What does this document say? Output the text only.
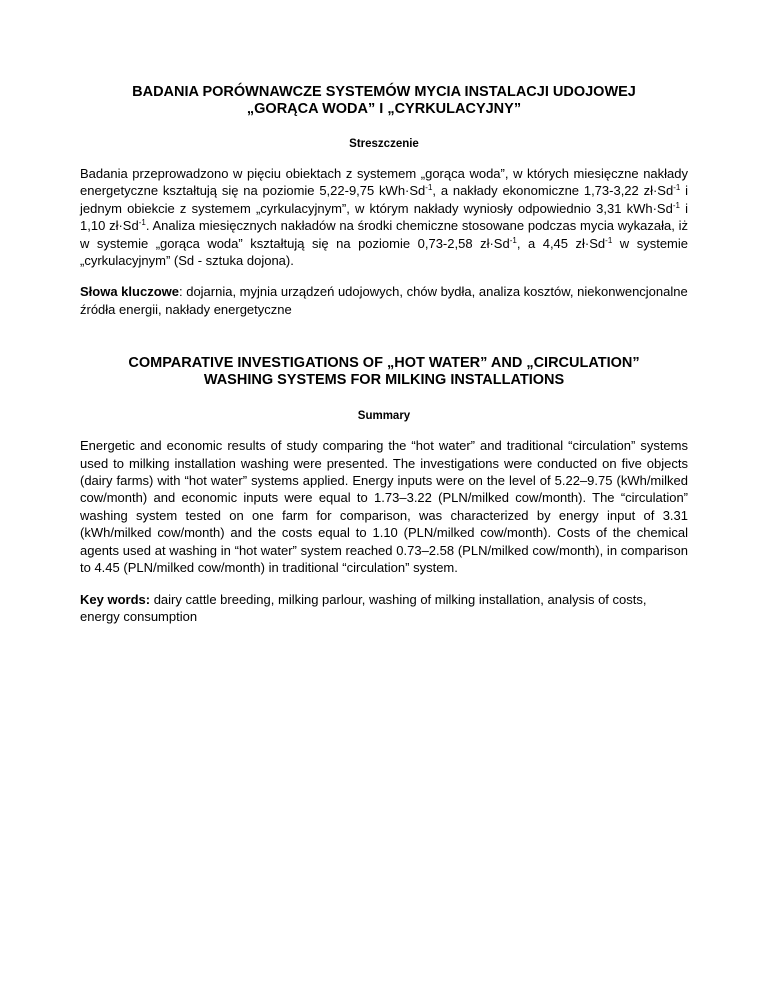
BADANIA PORÓWNAWCZE SYSTEMÓW MYCIA INSTALACJI UDOJOWEJ
„GORĄCA WODA” I „CYRKULACYJNY”
Streszczenie

Badania przeprowadzono w pięciu obiektach z systemem „gorąca woda”, w których miesięczne nakłady energetyczne kształtują się na poziomie 5,22-9,75 $kWh\cdot Sd^{-1}$, a nakłady ekonomiczne 1,73-3,22 $zł\cdot Sd^{-1}$ i jednym obiekcie z systemem „cyrkulacyjnym”, w którym nakłady wyniosły odpowiednio 3,31 $kWh\cdot Sd^{-1}$ i 1,10 $zł\cdot Sd^{-1}$. Analiza miesięcznych nakładów na środki chemiczne stosowane podczas mycia wykazała, iż w systemie „gorąca woda” kształtują się na poziomie 0,73-2,58 $zł\cdot Sd^{-1}$, a 4,45 $zł\cdot Sd^{-1}$ w systemie „cyrkulacyjnym” (Sd - sztuka dojona).

Słowa kluczowe: dojarnia, myjnia urządzeń udojowych, chów bydła, analiza kosztów, niekonwencjonalne źródła energii, nakłady energetyczne

COMPARATIVE INVESTIGATIONS OF „HOT WATER” AND „CIRCULATION”
WASHING SYSTEMS FOR MILKING INSTALLATIONS
Summary

Energetic and economic results of study comparing the “hot water” and traditional “circulation” systems used to milking installation washing were presented. The investigations were conducted on five objects (dairy farms) with “hot water” systems applied. Energy inputs were on the level of 5.22–9.75 (kWh/milked cow/month) and economic inputs were equal to 1.73–3.22 (PLN/milked cow/month). The “circulation” washing system tested on one farm for comparison, was characterized by energy input of 3.31 (kWh/milked cow/month) and the costs equal to 1.10 (PLN/milked cow/month). Costs of the chemical agents used at washing in “hot water” system reached 0.73–2.58 (PLN/milked cow/month), in comparison to 4.45 (PLN/milked cow/month) in traditional “circulation” system.

Key words: dairy cattle breeding, milking parlour, washing of milking installation, analysis of costs, energy consumption
